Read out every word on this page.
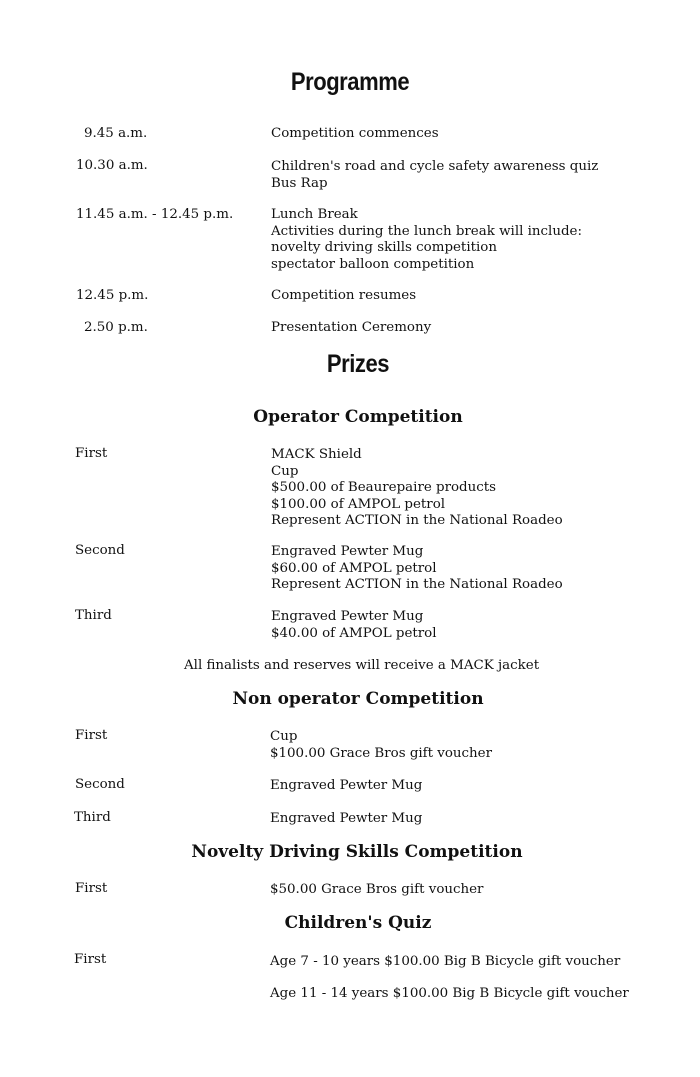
Programme
9.45 a.m.	Competition commences
10.30 a.m.	Children's road and cycle safety awareness quiz
Bus Rap
11.45 a.m. - 12.45 p.m.	Lunch Break
Activities during the lunch break will include:
novelty driving skills competition
spectator balloon competition
12.45 p.m.	Competition resumes
2.50 p.m.	Presentation Ceremony
Prizes
Operator Competition
First	MACK Shield
Cup
$500.00 of Beaurepaire products
$100.00 of AMPOL petrol
Represent ACTION in the National Roadeo
Second	Engraved Pewter Mug
$60.00 of AMPOL petrol
Represent ACTION in the National Roadeo
Third	Engraved Pewter Mug
$40.00 of AMPOL petrol
All finalists and reserves will receive a MACK jacket
Non operator Competition
First	Cup
$100.00 Grace Bros gift voucher
Second	Engraved Pewter Mug
Third	Engraved Pewter Mug
Novelty Driving Skills Competition
First	$50.00 Grace Bros gift voucher
Children's Quiz
First	Age 7 - 10 years $100.00 Big B Bicycle gift voucher
Age 11 - 14 years $100.00 Big B Bicycle gift voucher
